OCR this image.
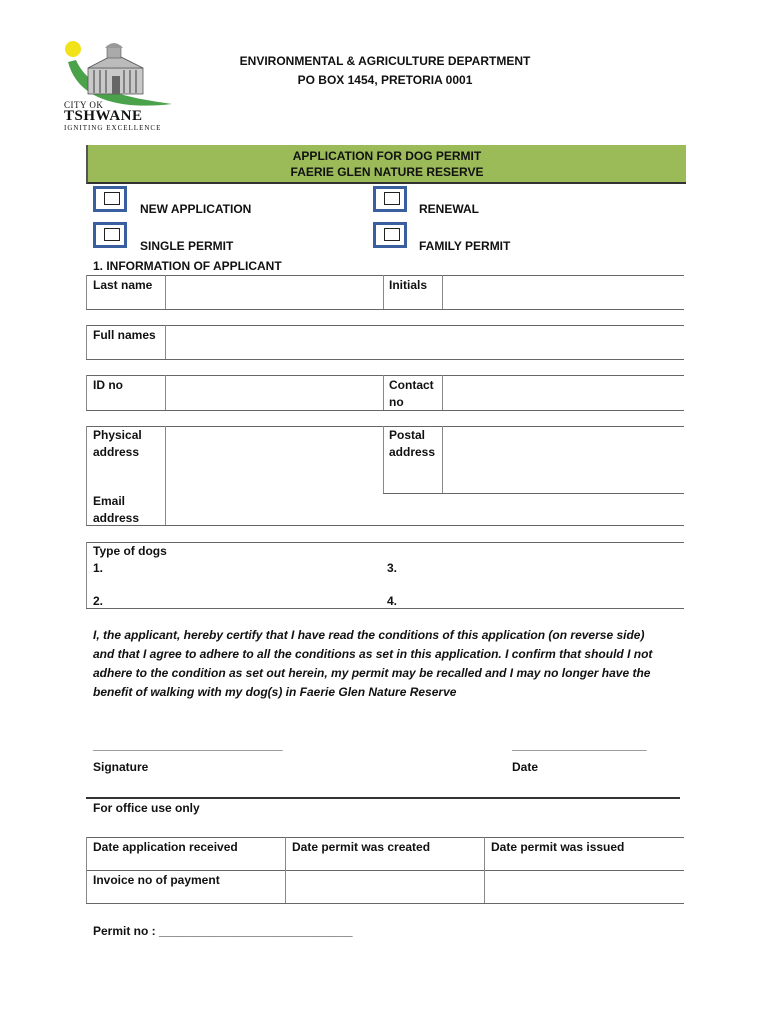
CITY OK
TSHWANE
IGNITING EXCELLENCE
ENVIRONMENTAL & AGRICULTURE DEPARTMENT
PO BOX 1454, PRETORIA 0001
APPLICATION FOR DOG PERMIT
FAERIE GLEN NATURE RESERVE
NEW APPLICATION	RENEWAL
SINGLE PERMIT	FAMILY PERMIT
1. INFORMATION OF APPLICANT
Last name	Initials
Full names
ID no	Contact
no
Physical
address
Postal
address
Email
address
Type of dogs
1.	3.
2.	4.
I, the applicant, hereby certify that I have read the conditions of this application (on reverse side)
and that I agree to adhere to all the conditions as set in this application. I confirm that should I not
adhere to the condition as set out herein, my permit may be recalled and I may no longer have the
benefit of walking with my dog(s) in Faerie Glen Nature Reserve
_______________________________
Signature
______________________
Date
For office use only
Date application received	Date permit was created	Date permit was issued
Invoice no of payment
Permit no : _____________________________
